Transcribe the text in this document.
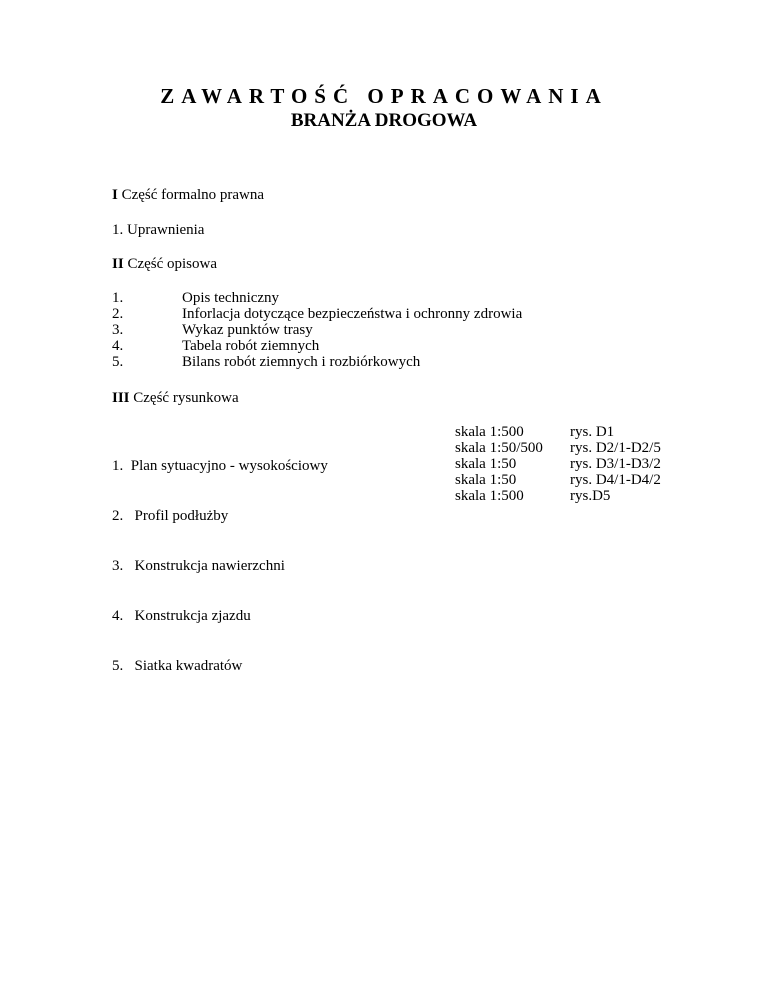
ZAWARTOŚĆ OPRACOWANIA
BRANŻA DROGOWA
I Część formalno prawna
1. Uprawnienia
II Część opisowa
1.
2.
3.
4.
5.
Opis techniczny
Inforlacja dotyczące bezpieczeństwa i ochronny zdrowia
Wykaz punktów trasy
Tabela robót ziemnych
Bilans robót ziemnych i rozbiórkowych
III Część rysunkowa

1.  Plan sytuacyjno - wysokościowy

2.   Profil podłużby

3.   Konstrukcja nawierzchni

4.   Konstrukcja zjazdu

5.   Siatka kwadratów

skala 1:500
skala 1:50/500
skala 1:50
skala 1:50
skala 1:500
rys. D1
rys. D2/1-D2/5
rys. D3/1-D3/2
rys. D4/1-D4/2
rys.D5
